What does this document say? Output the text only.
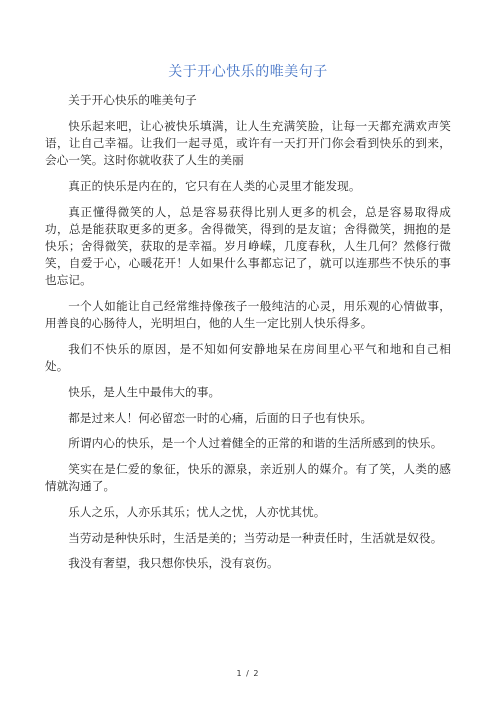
关于开心快乐的唯美句子

关于开心快乐的唯美句子

快乐起来吧，让心被快乐填满，让人生充满笑脸，让每一天都充满欢声笑语，让自己幸福。让我们一起寻觅，或许有一天打开门你会看到快乐的到来，会心一笑。这时你就收获了人生的美丽

真正的快乐是内在的，它只有在人类的心灵里才能发现。

真正懂得微笑的人，总是容易获得比别人更多的机会，总是容易取得成功，总是能获取更多的更多。舍得微笑，得到的是友谊；舍得微笑，拥抱的是快乐；舍得微笑，获取的是幸福。岁月峥嵘，几度春秋，人生几何？然修行微笑，自爱于心，心暖花开！人如果什么事都忘记了，就可以连那些不快乐的事也忘记。

一个人如能让自己经常维持像孩子一般纯洁的心灵，用乐观的心情做事，用善良的心肠待人，光明坦白，他的人生一定比别人快乐得多。

我们不快乐的原因，是不知如何安静地呆在房间里心平气和地和自己相处。

快乐，是人生中最伟大的事。

都是过来人！何必留恋一时的心痛，后面的日子也有快乐。

所谓内心的快乐，是一个人过着健全的正常的和谐的生活所感到的快乐。

笑实在是仁爱的象征，快乐的源泉，亲近别人的媒介。有了笑，人类的感情就沟通了。

乐人之乐，人亦乐其乐；忧人之忧，人亦忧其忧。

当劳动是种快乐时，生活是美的；当劳动是一种责任时，生活就是奴役。

我没有奢望，我只想你快乐，没有哀伤。

1 / 2
